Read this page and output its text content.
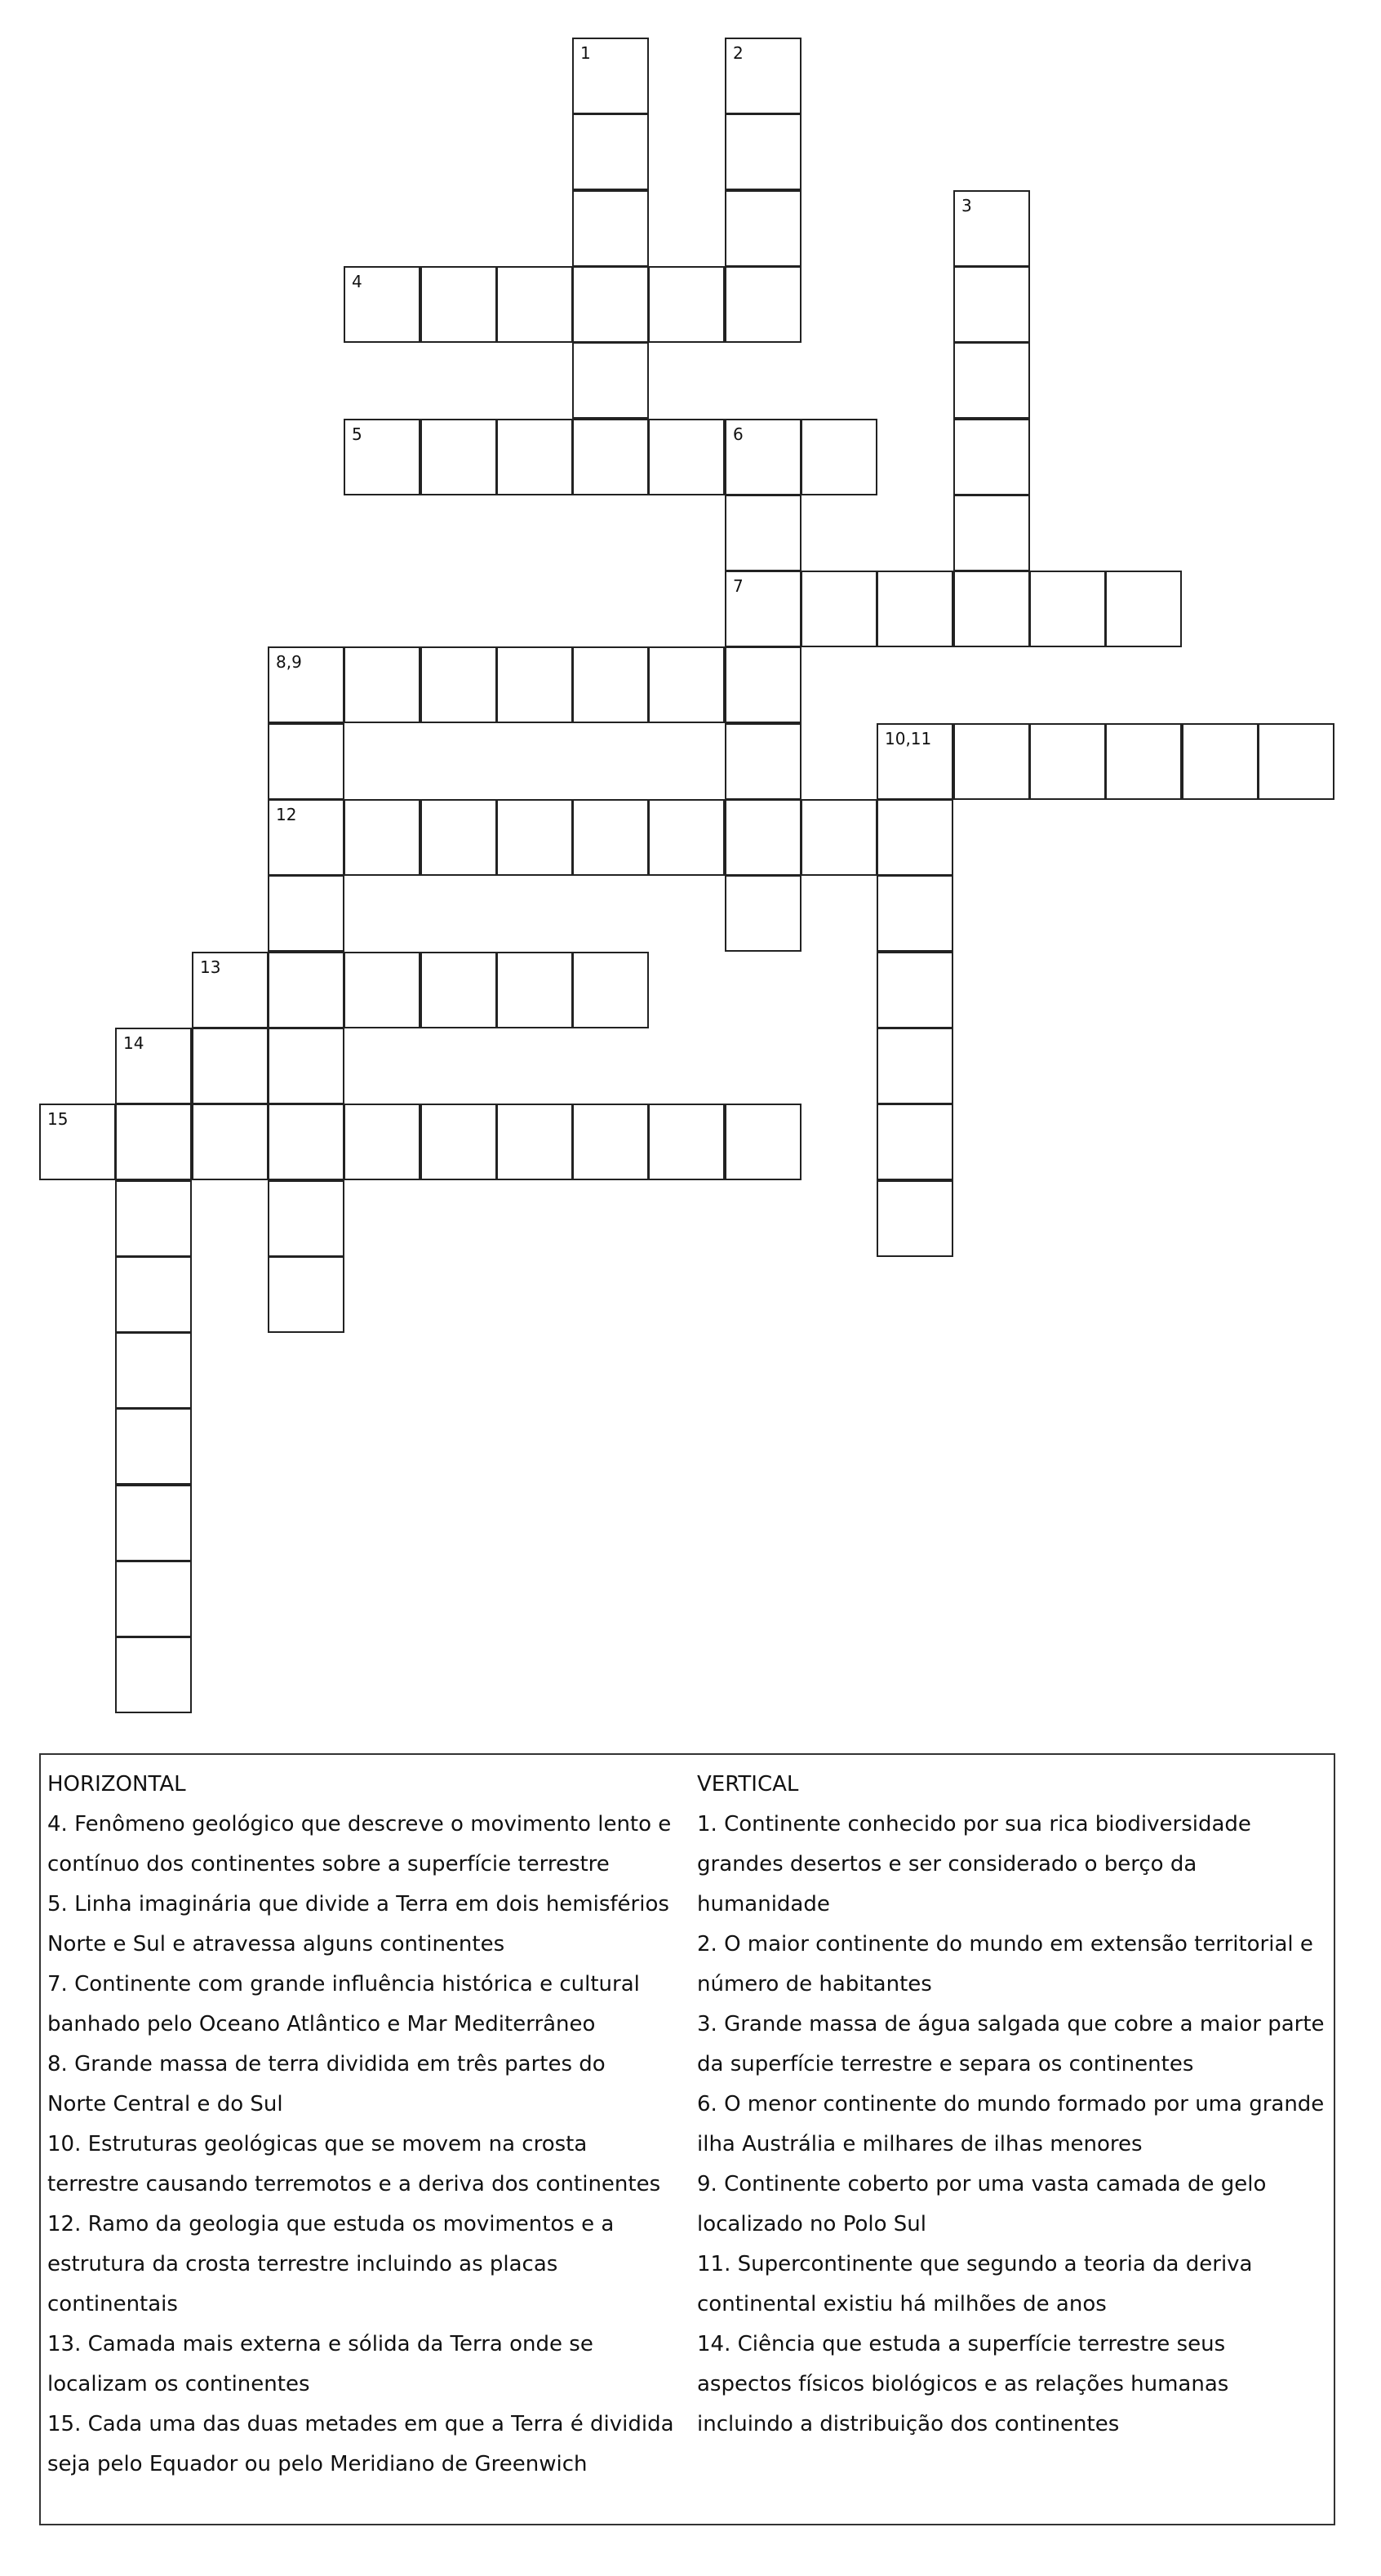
4
5	6
7
8,9
10,11
12
13
15
1	2
3
14
HORIZONTAL
4. Fenômeno geológico que descreve o movimento lento e
contínuo dos continentes sobre a superfície terrestre
5. Linha imaginária que divide a Terra em dois hemisférios
Norte e Sul e atravessa alguns continentes
7. Continente com grande influência histórica e cultural
banhado pelo Oceano Atlântico e Mar Mediterrâneo
8. Grande massa de terra dividida em três partes do
Norte Central e do Sul
10. Estruturas geológicas que se movem na crosta
terrestre causando terremotos e a deriva dos continentes
12. Ramo da geologia que estuda os movimentos e a
estrutura da crosta terrestre incluindo as placas
continentais
13. Camada mais externa e sólida da Terra onde se
localizam os continentes
15. Cada uma das duas metades em que a Terra é dividida
seja pelo Equador ou pelo Meridiano de Greenwich
VERTICAL
1. Continente conhecido por sua rica biodiversidade
grandes desertos e ser considerado o berço da
humanidade
2. O maior continente do mundo em extensão territorial e
número de habitantes
3. Grande massa de água salgada que cobre a maior parte
da superfície terrestre e separa os continentes
6. O menor continente do mundo formado por uma grande
ilha Austrália e milhares de ilhas menores
9. Continente coberto por uma vasta camada de gelo
localizado no Polo Sul
11. Supercontinente que segundo a teoria da deriva
continental existiu há milhões de anos
14. Ciência que estuda a superfície terrestre seus
aspectos físicos biológicos e as relações humanas
incluindo a distribuição dos continentes
